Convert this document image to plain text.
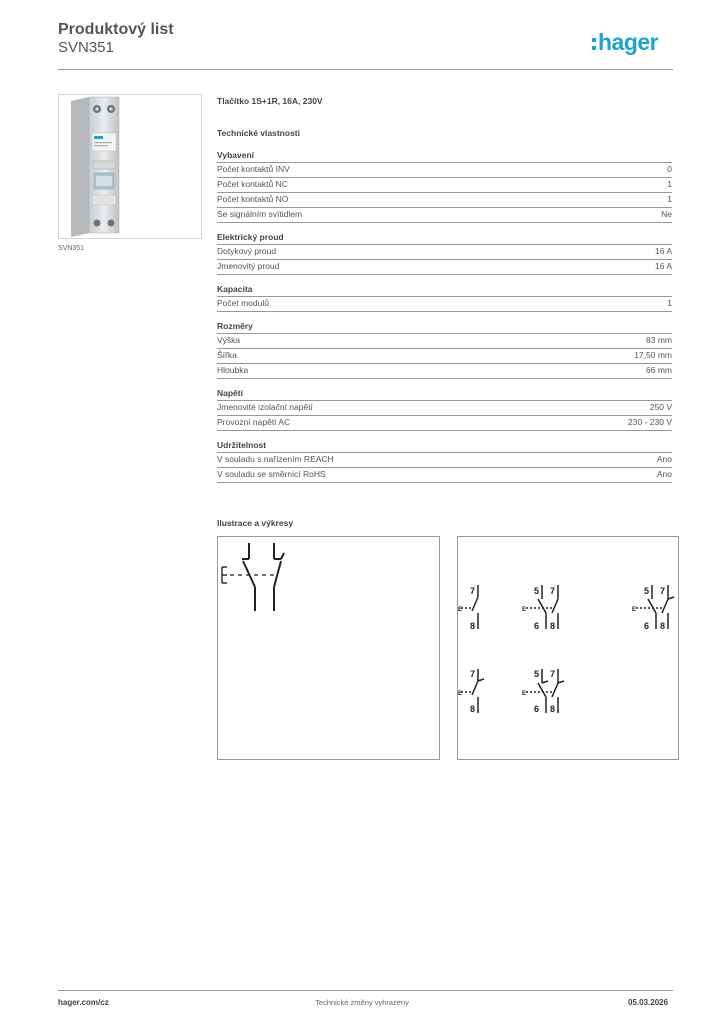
Produktový list
SVN351	hager
SVN351
Tlačítko 1S+1R, 16A, 230V
Technické vlastnosti
Vybavení
Počet kontaktů INV	0
Počet kontaktů NC	1
Počet kontaktů NO	1
Se signálním svítidlem	Ne
Elektrický proud
Dotykový proud	16 A
Jmenovitý proud	16 A
Kapacita
Počet modulů	1
Rozměry
Výška	83 mm
Šířka	17,50 mm
Hloubka	66 mm
Napětí
Jmenovité izolační napětí	250 V
Provozní napětí AC	230 - 230 V
Udržitelnost
V souladu s nařízením REACH	Ano
V souladu se směrnicí RoHS	Ano
Ilustrace a výkresy
7
8
E
5 7
6 8
E
5 7
6 8
E
7
8
E
5 7
6 8
E
hager.com/cz	Technické změny vyhrazeny	05.03.2026
